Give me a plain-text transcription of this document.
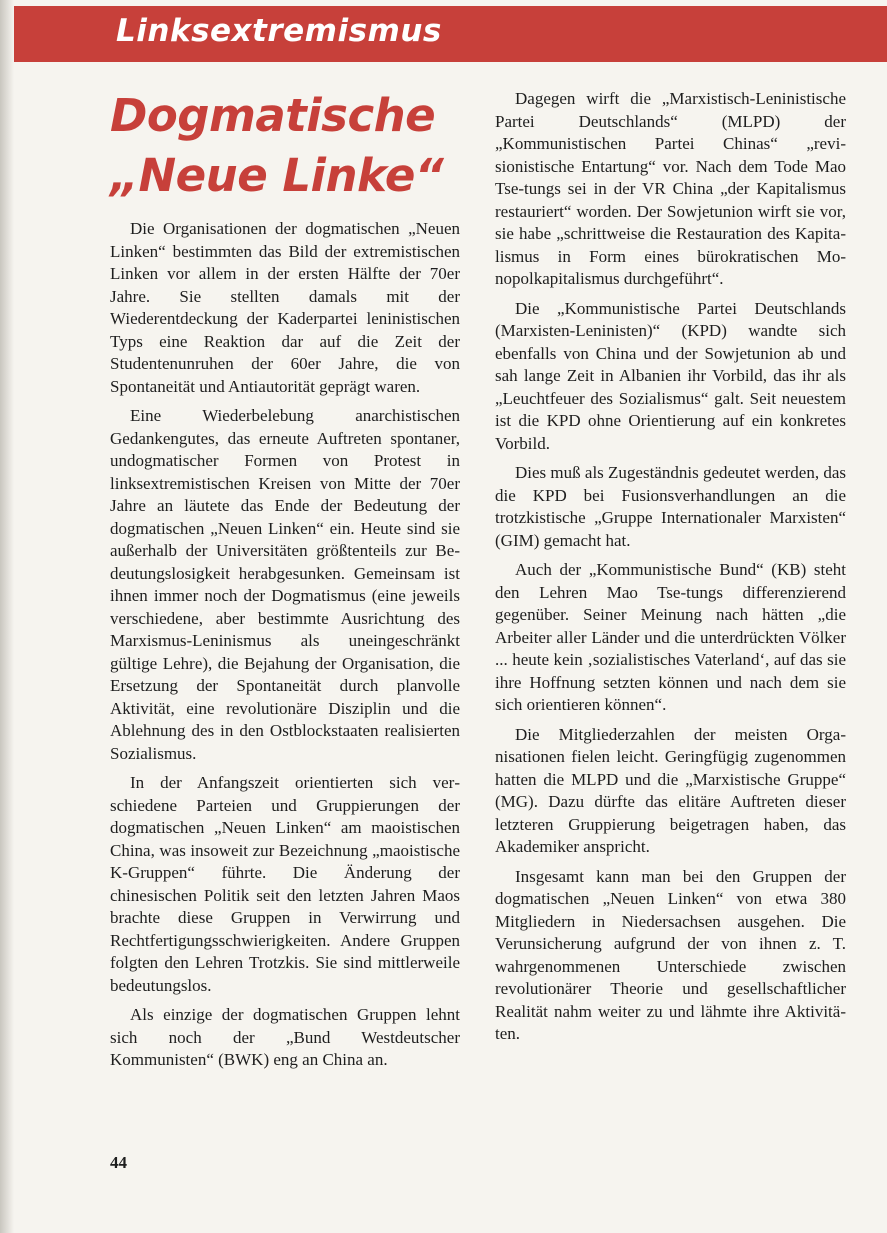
Linksextremismus
Dogmatische
„Neue Linke“

Die Organisationen der dogmatischen „Neuen Linken“ bestimmten das Bild der extremistischen Linken vor allem in der ersten Hälfte der 70er Jahre. Sie stellten damals mit der Wiederentdeckung der Kaderpartei leninistischen Typs eine Reaktion dar auf die Zeit der Studentenunruhen der 60er Jahre, die von Spontaneität und Antiautorität geprägt waren.

Eine Wiederbelebung anarchistischen Gedankengutes, das erneute Auftreten spontaner, undogmatischer Formen von Protest in linksextremistischen Kreisen von Mitte der 70er Jahre an läutete das Ende der Bedeutung der dogmatischen „Neuen Linken“ ein. Heute sind sie außerhalb der Universitäten größtenteils zur Bedeutungslosigkeit herabgesunken. Gemeinsam ist ihnen immer noch der Dogmatismus (eine jeweils verschiedene, aber bestimmte Ausrichtung des Marxismus-Leninismus als uneingeschränkt gültige Lehre), die Bejahung der Organisation, die Ersetzung der Spontaneität durch planvolle Aktivität, eine revolutionäre Disziplin und die Ablehnung des in den Ostblockstaaten realisierten Sozialismus.

In der Anfangszeit orientierten sich verschiedene Parteien und Gruppierungen der dogmatischen „Neuen Linken“ am maoistischen China, was insoweit zur Bezeichnung „maoistische K-Gruppen“ führte. Die Änderung der chinesischen Politik seit den letzten Jahren Maos brachte diese Gruppen in Verwirrung und Rechtfertigungsschwierigkeiten. Andere Gruppen folgten den Lehren Trotzkis. Sie sind mittlerweile bedeutungslos.

Als einzige der dogmatischen Gruppen lehnt sich noch der „Bund Westdeutscher Kommunisten“ (BWK) eng an China an.

Dagegen wirft die „Marxistisch-Leninistische Partei Deutschlands“ (MLPD) der „Kommunistischen Partei Chinas“ „revisionistische Entartung“ vor. Nach dem Tode Mao Tse-tungs sei in der VR China „der Kapitalismus restauriert“ worden. Der Sowjetunion wirft sie vor, sie habe „schrittweise die Restauration des Kapitalismus in Form eines bürokratischen Monopolkapitalismus durchgeführt“.

Die „Kommunistische Partei Deutschlands (Marxisten-Leninisten)“ (KPD) wandte sich ebenfalls von China und der Sowjetunion ab und sah lange Zeit in Albanien ihr Vorbild, das ihr als „Leuchtfeuer des Sozialismus“ galt. Seit neuestem ist die KPD ohne Orientierung auf ein konkretes Vorbild.

Dies muß als Zugeständnis gedeutet werden, das die KPD bei Fusionsverhandlungen an die trotzkistische „Gruppe Internationaler Marxisten“ (GIM) gemacht hat.

Auch der „Kommunistische Bund“ (KB) steht den Lehren Mao Tse-tungs differenzierend gegenüber. Seiner Meinung nach hätten „die Arbeiter aller Länder und die unterdrückten Völker ... heute kein ‚sozialistisches Vaterland‘, auf das sie ihre Hoffnung setzten können und nach dem sie sich orientieren können“.

Die Mitgliederzahlen der meisten Organisationen fielen leicht. Geringfügig zugenommen hatten die MLPD und die „Marxistische Gruppe“ (MG). Dazu dürfte das elitäre Auftreten dieser letzteren Gruppierung beigetragen haben, das Akademiker anspricht.

Insgesamt kann man bei den Gruppen der dogmatischen „Neuen Linken“ von etwa 380 Mitgliedern in Niedersachsen ausgehen. Die Verunsicherung aufgrund der von ihnen z. T. wahrgenommenen Unterschiede zwischen revolutionärer Theorie und gesellschaftlicher Realität nahm weiter zu und lähmte ihre Aktivitäten.

44
